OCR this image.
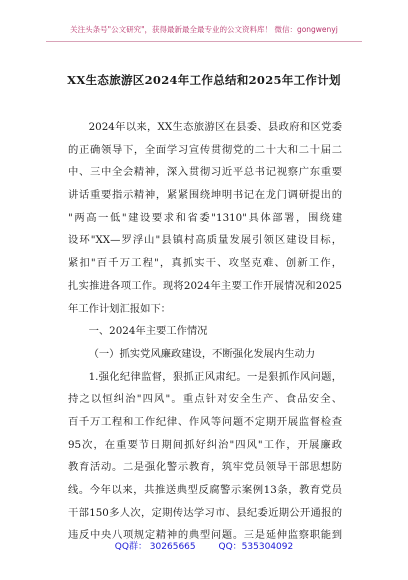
关注头条号"公文研究"，获得最新最全最专业的公文资料库！ 微信：gongwenyj
XX生态旅游区2024年工作总结和2025年工作计划
2024年以来，XX生态旅游区在县委、县政府和区党委
的正确领导下，全面学习宣传贯彻党的二十大和二十届二
中、三中全会精神，深入贯彻习近平总书记视察广东重要
讲话重要指示精神，紧紧围绕坤明书记在龙门调研提出的
"两高一低"建设要求和省委"1310"具体部署，围绕建
设环"XX—罗浮山"县镇村高质量发展引领区建设目标，
紧扣"百千万工程"，真抓实干、攻坚克难、创新工作，
扎实推进各项工作。现将2024年主要工作开展情况和2025
年工作计划汇报如下：
一、2024年主要工作情况
（一）抓实党风廉政建设，不断强化发展内生动力
1.强化纪律监督，狠抓正风肃纪。一是狠抓作风问题，
持之以恒纠治"四风"。重点针对安全生产、食品安全、
百千万工程和工作纪律、作风等问题不定期开展监督检查
95次，在重要节日期间抓好纠治"四风"工作，开展廉政
教育活动。二是强化警示教育，筑牢党员领导干部思想防
线。今年以来，共推送典型反腐警示案例13条，教育党员
干部150多人次，定期传达学习市、县纪委近期公开通报的
违反中央八项规定精神的典型问题。三是延伸监察职能到
QQ群： 30265665	QQ：535304092
